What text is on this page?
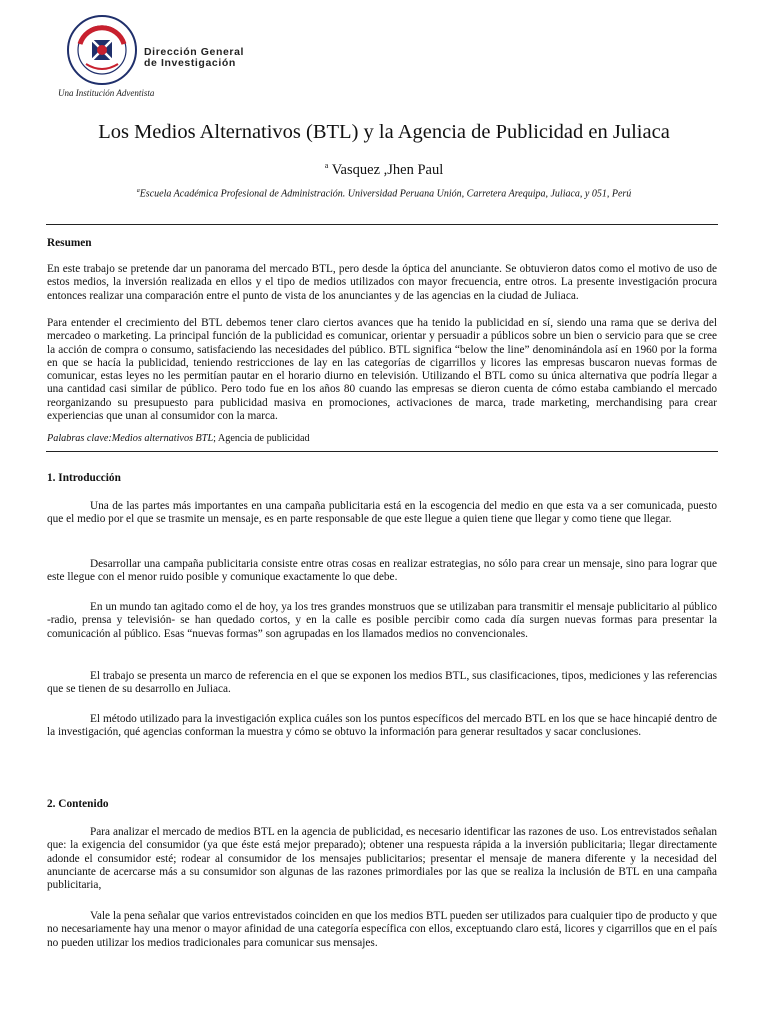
Dirección General
de Investigación
Una Institución Adventista
Los Medios Alternativos (BTL) y la Agencia de Publicidad en Juliaca
$^a$ Vasquez ,Jhen Paul
$^a$Escuela Académica Profesional de Administración. Universidad Peruana Unión, Carretera Arequipa, Juliaca, y 051, Perú

Resumen

En este trabajo se pretende dar un panorama del mercado BTL, pero desde la óptica del anunciante. Se obtuvieron datos como el motivo de uso de estos medios, la inversión realizada en ellos y el tipo de medios utilizados con mayor frecuencia, entre otros. La presente investigación procura entonces realizar una comparación entre el punto de vista de los anunciantes y de las agencias en la ciudad de Juliaca.

Para entender el crecimiento del BTL debemos tener claro ciertos avances que ha tenido la publicidad en sí, siendo una rama que se deriva del mercadeo o marketing. La principal función de la publicidad es comunicar, orientar y persuadir a públicos sobre un bien o servicio para que se cree la acción de compra o consumo, satisfaciendo las necesidades del público. BTL significa “below the line” denominándola así en 1960 por la forma en que se hacía la publicidad, teniendo restricciones de lay en las categorías de cigarrillos y licores las empresas buscaron nuevas formas de comunicar, estas leyes no les permitían pautar en el horario diurno en televisión. Utilizando el BTL como su única alternativa que podría llegar a una cantidad casi similar de público. Pero todo fue en los años 80 cuando las empresas se dieron cuenta de cómo estaba cambiando el mercado reorganizando su presupuesto para publicidad masiva en promociones, activaciones de marca, trade marketing, merchandising para crear experiencias que unan al consumidor con la marca.

Palabras clave:Medios alternativos BTL; Agencia de publicidad

1. Introducción

Una de las partes más importantes en una campaña publicitaria está en la escogencia del medio en que esta va a ser comunicada, puesto que el medio por el que se trasmite un mensaje, es en parte responsable de que este llegue a quien tiene que llegar y como tiene que llegar.

Desarrollar una campaña publicitaria consiste entre otras cosas en realizar estrategias, no sólo para crear un mensaje, sino para lograr que este llegue con el menor ruido posible y comunique exactamente lo que debe.

En un mundo tan agitado como el de hoy, ya los tres grandes monstruos que se utilizaban para transmitir el mensaje publicitario al público -radio, prensa y televisión- se han quedado cortos, y en la calle es posible percibir como cada día surgen nuevas formas para presentar la comunicación al público. Esas “nuevas formas” son agrupadas en los llamados medios no convencionales.

El trabajo se presenta un marco de referencia en el que se exponen los medios BTL, sus clasificaciones, tipos, mediciones y las referencias que se tienen de su desarrollo en Juliaca.

El método utilizado para la investigación explica cuáles son los puntos específicos del mercado BTL en los que se hace hincapié dentro de la investigación, qué agencias conforman la muestra y cómo se obtuvo la información para generar resultados y sacar conclusiones.

2. Contenido

Para analizar el mercado de medios BTL en la agencia de publicidad, es necesario identificar las razones de uso. Los entrevistados señalan que: la exigencia del consumidor (ya que éste está mejor preparado); obtener una respuesta rápida a la inversión publicitaria; llegar directamente adonde el consumidor esté; rodear al consumidor de los mensajes publicitarios; presentar el mensaje de manera diferente y la necesidad del anunciante de acercarse más a su consumidor son algunas de las razones primordiales por las que se realiza la inclusión de BTL en una campaña publicitaria,

Vale la pena señalar que varios entrevistados coinciden en que los medios BTL pueden ser utilizados para cualquier tipo de producto y que no necesariamente hay una menor o mayor afinidad de una categoría específica con ellos, exceptuando claro está, licores y cigarrillos que en el país no pueden utilizar los medios tradicionales para comunicar sus mensajes.
